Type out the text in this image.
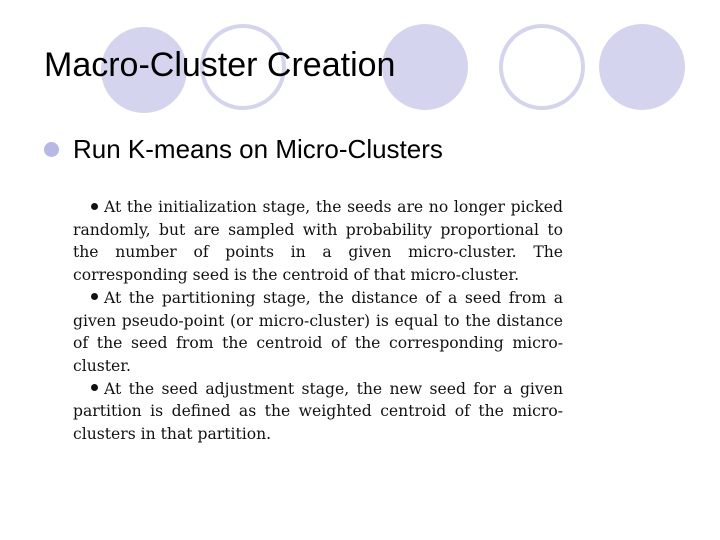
Macro-Cluster Creation
Run K-means on Micro-Clusters

At the initialization stage, the seeds are no longer picked randomly, but are sampled with probability proportional to the number of points in a given micro-cluster. The corresponding seed is the centroid of that micro-cluster.

At the partitioning stage, the distance of a seed from a given pseudo-point (or micro-cluster) is equal to the distance of the seed from the centroid of the corresponding micro-cluster.

At the seed adjustment stage, the new seed for a given partition is defined as the weighted centroid of the micro-clusters in that partition.
